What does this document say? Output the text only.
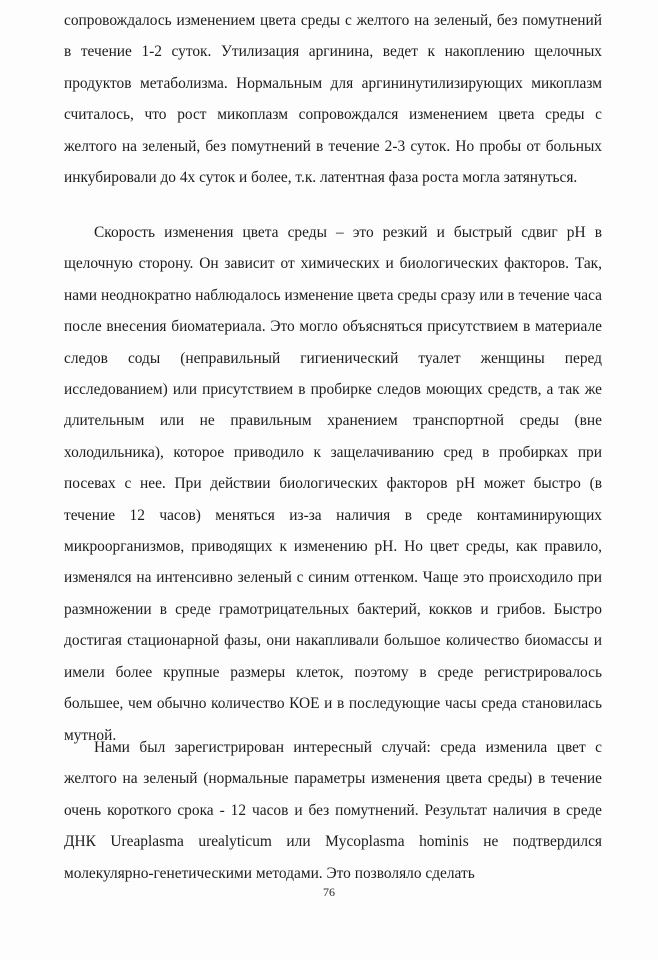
сопровождалось изменением цвета среды с желтого на зеленый, без помутнений в течение 1-2 суток. Утилизация аргинина, ведет к накоплению щелочных продуктов метаболизма. Нормальным для аргининутилизирующих микоплазм считалось, что рост микоплазм сопровождался изменением цвета среды с желтого на зеленый, без помутнений в течение 2-3 суток. Но пробы от больных инкубировали до 4х суток и более, т.к. латентная фаза роста могла затянуться.

Скорость изменения цвета среды – это резкий и быстрый сдвиг pH в щелочную сторону. Он зависит от химических и биологических факторов. Так, нами неоднократно наблюдалось изменение цвета среды сразу или в течение часа после внесения биоматериала. Это могло объясняться присутствием в материале следов соды (неправильный гигиенический туалет женщины перед исследованием) или присутствием в пробирке следов моющих средств, а так же длительным или не правильным хранением транспортной среды (вне холодильника), которое приводило к защелачиванию сред в пробирках при посевах с нее. При действии биологических факторов pH может быстро (в течение 12 часов) меняться из-за наличия в среде контаминирующих микроорганизмов, приводящих к изменению pH. Но цвет среды, как правило, изменялся на интенсивно зеленый с синим оттенком. Чаще это происходило при размножении в среде грамотрицательных бактерий, кокков и грибов. Быстро достигая стационарной фазы, они накапливали большое количество биомассы и имели более крупные размеры клеток, поэтому в среде регистрировалось большее, чем обычно количество КОЕ и в последующие часы среда становилась мутной.

Нами был зарегистрирован интересный случай: среда изменила цвет с желтого на зеленый (нормальные параметры изменения цвета среды) в течение очень короткого срока - 12 часов и без помутнений. Результат наличия в среде ДНК Ureaplasma urealyticum или Mycoplasma hominis не подтвердился молекулярно-генетическими методами. Это позволяло сделать

76
